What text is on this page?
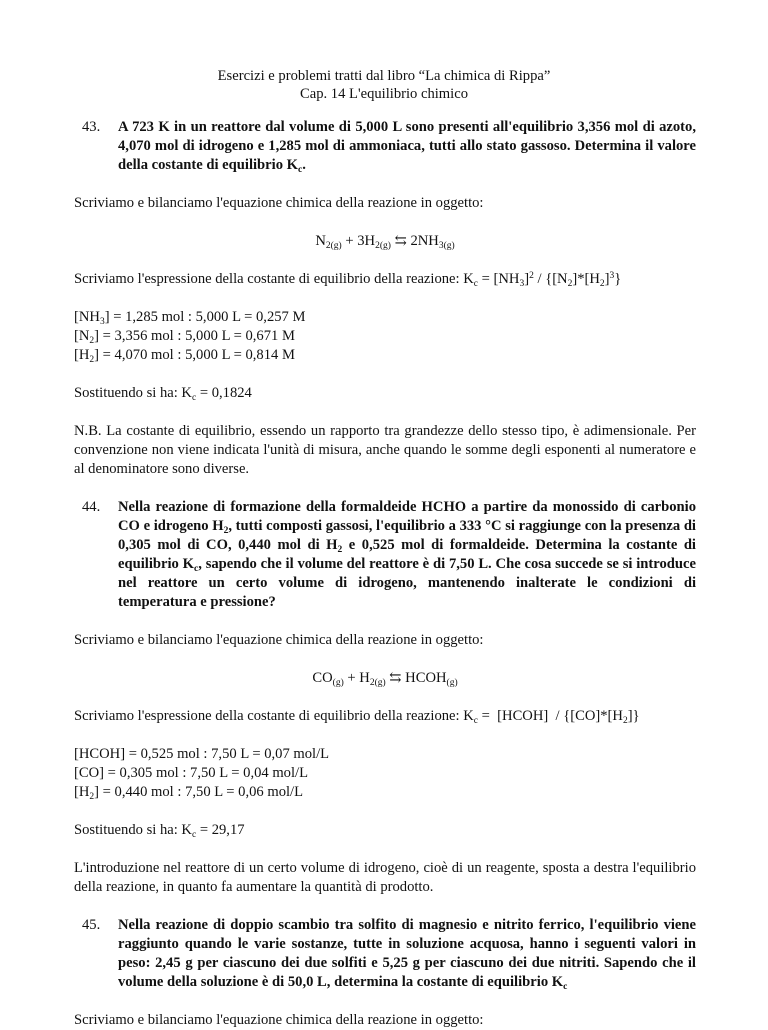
Esercizi e problemi tratti dal libro “La chimica di Rippa”
Cap. 14 L'equilibrio chimico

43. A 723 K in un reattore dal volume di 5,000 L sono presenti all'equilibrio 3,356 mol di azoto, 4,070 mol di idrogeno e 1,285 mol di ammoniaca, tutti allo stato gassoso. Determina il valore della costante di equilibrio $K_c$.

Scriviamo e bilanciamo l'equazione chimica della reazione in oggetto:

$N_{2(g)} + 3H_{2(g)}$ ⇆ $2NH_{3(g)}$

Scriviamo l'espressione della costante di equilibrio della reazione: $K_c = [NH_3]^2 / \{[N_2]*[H_2]^3\}$

$[NH_3] = 1,285$ mol : 5,000 L = 0,257 M

$[N_2] = 3,356$ mol : 5,000 L = 0,671 M

$[H_2] = 4,070$ mol : 5,000 L = 0,814 M

Sostituendo si ha: $K_c = 0,1824$

N.B. La costante di equilibrio, essendo un rapporto tra grandezze dello stesso tipo, è adimensionale. Per convenzione non viene indicata l'unità di misura, anche quando le somme degli esponenti al numeratore e al denominatore sono diverse.

44. Nella reazione di formazione della formaldeide HCHO a partire da monossido di carbonio CO e idrogeno $H_2$, tutti composti gassosi, l'equilibrio a 333 °C si raggiunge con la presenza di 0,305 mol di CO, 0,440 mol di $H_2$ e 0,525 mol di formaldeide. Determina la costante di equilibrio $K_c$, sapendo che il volume del reattore è di 7,50 L. Che cosa succede se si introduce nel reattore un certo volume di idrogeno, mantenendo inalterate le condizioni di temperatura e pressione?

Scriviamo e bilanciamo l'equazione chimica della reazione in oggetto:

$CO_{(g)} + H_{2(g)}$ ⇆ $HCOH_{(g)}$

Scriviamo l'espressione della costante di equilibrio della reazione: $K_c$ =  [HCOH]  / $\{[CO]*[H_2]\}$

[HCOH] = 0,525 mol : 7,50 L = 0,07 mol/L

[CO] = 0,305 mol : 7,50 L = 0,04 mol/L

$[H_2] = 0,440$ mol : 7,50 L = 0,06 mol/L

Sostituendo si ha: $K_c = 29,17$

L'introduzione nel reattore di un certo volume di idrogeno, cioè di un reagente, sposta a destra l'equilibrio della reazione, in quanto fa aumentare la quantità di prodotto.

45. Nella reazione di doppio scambio tra solfito di magnesio e nitrito ferrico, l'equilibrio viene raggiunto quando le varie sostanze, tutte in soluzione acquosa, hanno i seguenti valori in peso: 2,45 g per ciascuno dei due solfiti e 5,25 g per ciascuno dei due nitriti. Sapendo che il volume della soluzione è di 50,0 L, determina la costante di equilibrio $K_c$

Scriviamo e bilanciamo l'equazione chimica della reazione in oggetto:
